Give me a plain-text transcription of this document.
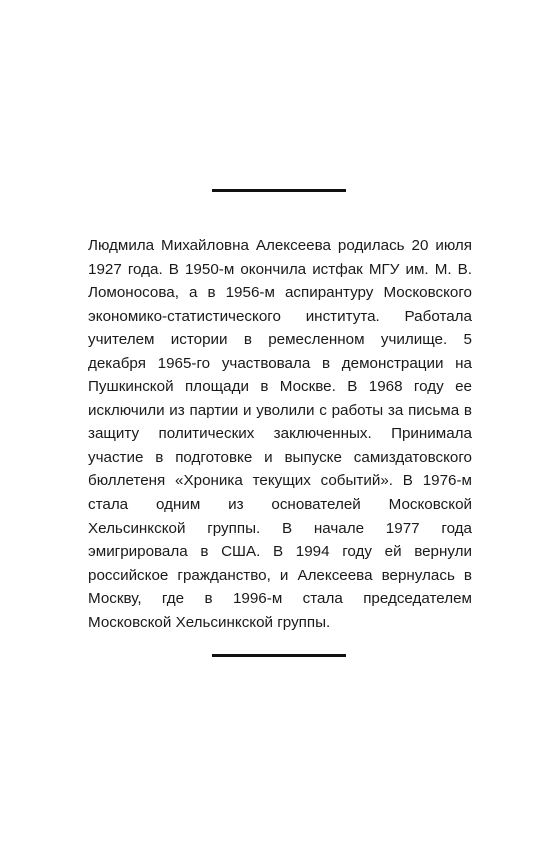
Людмила Михайловна Алексеева родилась 20 июля 1927 года. В 1950-м окончила истфак МГУ им. М. В. Ломоносова, а в 1956-м аспирантуру Московского экономико-статистического института. Работала учителем истории в ремесленном училище. 5 декабря 1965-го участвовала в демонстрации на Пушкинской площади в Москве. В 1968 году ее исключили из партии и уволили с работы за письма в защиту политических заключенных. Принимала участие в подготовке и выпуске самиздатовского бюллетеня «Хроника текущих событий». В 1976-м стала одним из основателей Московской Хельсинкской группы. В начале 1977 года эмигрировала в США. В 1994 году ей вернули российское гражданство, и Алексеева вернулась в Москву, где в 1996-м стала председателем Московской Хельсинкской группы.
